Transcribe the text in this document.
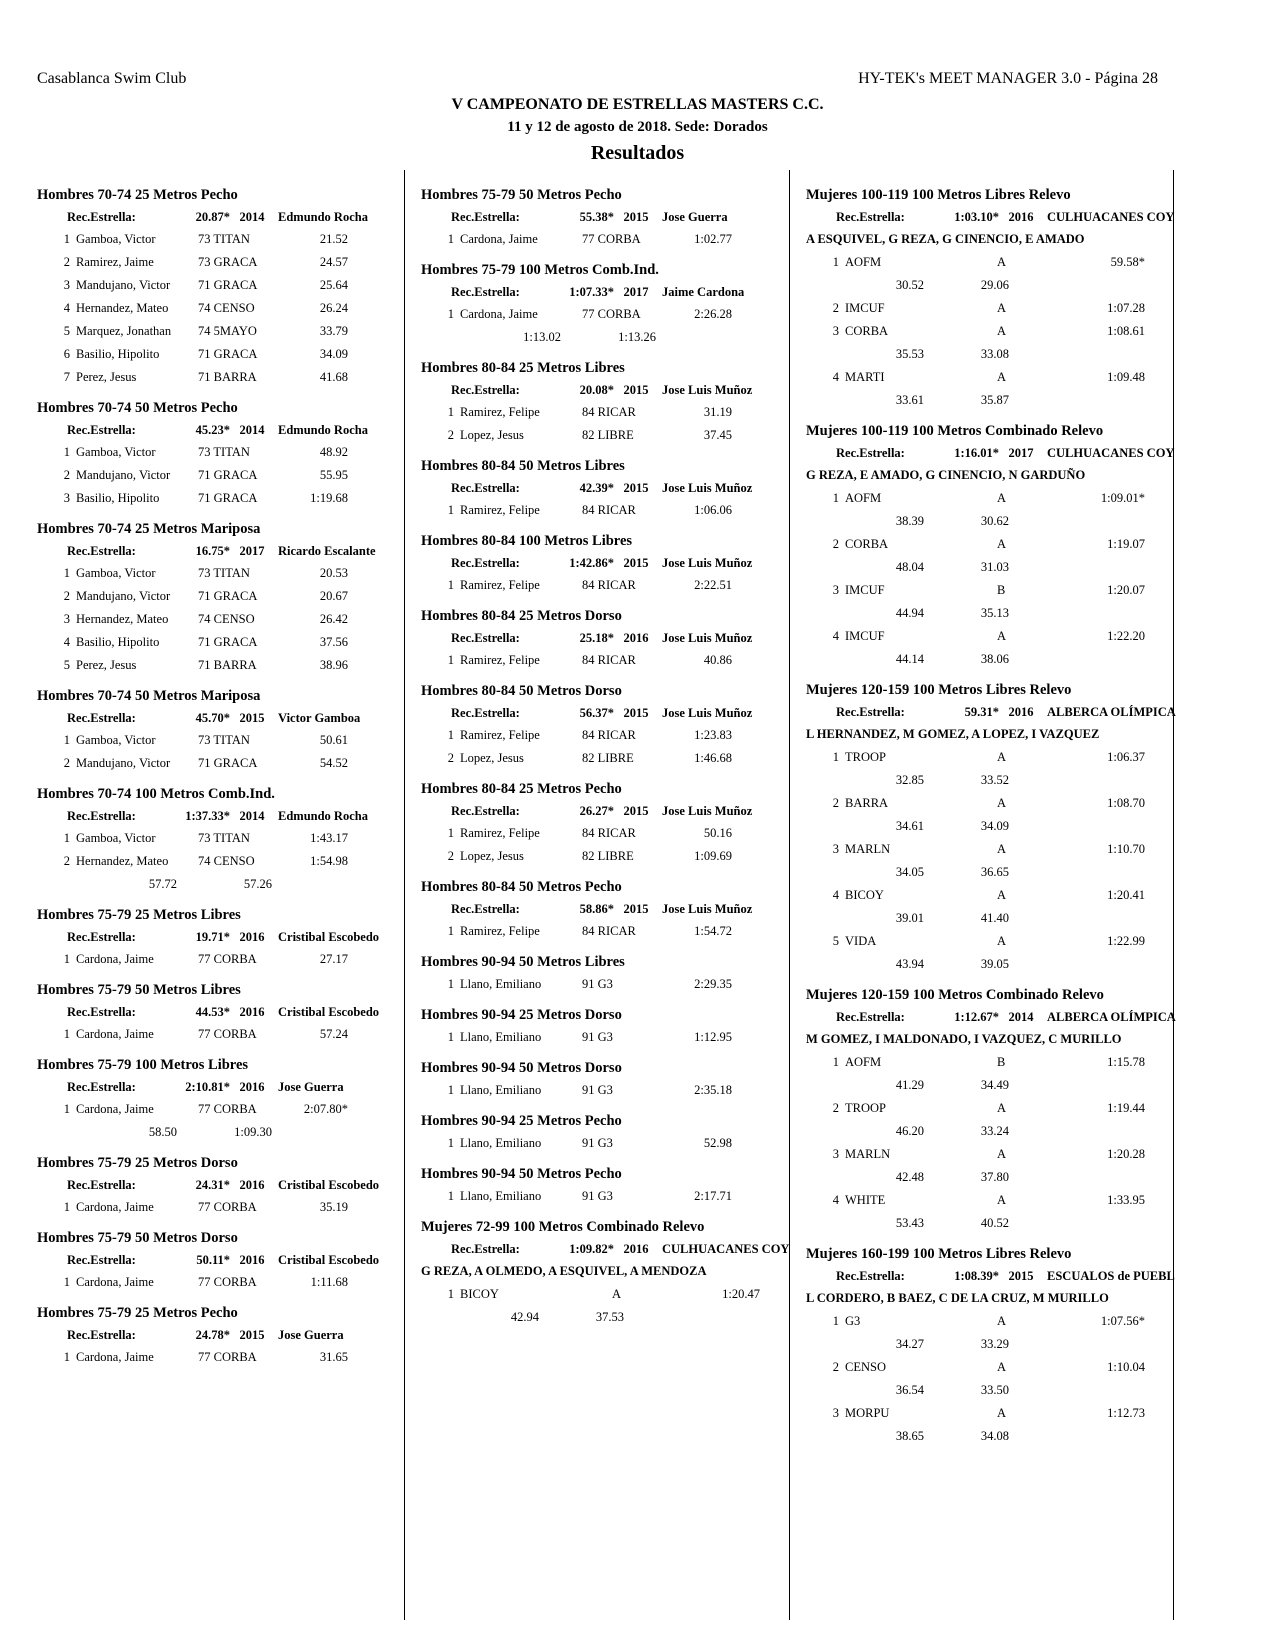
Casablanca Swim Club	HY-TEK's MEET MANAGER 3.0 - Página 28
V CAMPEONATO DE ESTRELLAS MASTERS C.C.
11 y 12 de agosto de 2018. Sede: Dorados
Resultados
Hombres 70-74 25 Metros Pecho
Rec.Estrella:	20.87* 2014 Edmundo Rocha
1 Gamboa, Victor	73 TITAN	21.52
2 Ramirez, Jaime	73 GRACA	24.57
3 Mandujano, Victor 71 GRACA	25.64
4 Hernandez, Mateo 74 CENSO	26.24
5 Marquez, Jonathan 74 5MAYO	33.79
6 Basilio, Hipolito	71 GRACA	34.09
7 Perez, Jesus	71 BARRA	41.68
Hombres 70-74 50 Metros Pecho
Rec.Estrella:	45.23* 2014 Edmundo Rocha
1 Gamboa, Victor	73 TITAN	48.92
2 Mandujano, Victor 71 GRACA	55.95
3 Basilio, Hipolito	71 GRACA	1:19.68
Hombres 70-74 25 Metros Mariposa
Rec.Estrella:	16.75* 2017 Ricardo Escalante
1 Gamboa, Victor	73 TITAN	20.53
2 Mandujano, Victor 71 GRACA	20.67
3 Hernandez, Mateo 74 CENSO	26.42
4 Basilio, Hipolito	71 GRACA	37.56
5 Perez, Jesus	71 BARRA	38.96
Hombres 70-74 50 Metros Mariposa
Rec.Estrella:	45.70* 2015 Victor Gamboa
1 Gamboa, Victor	73 TITAN	50.61
2 Mandujano, Victor 71 GRACA	54.52
Hombres 70-74 100 Metros Comb.Ind.
Rec.Estrella:	1:37.33* 2014 Edmundo Rocha
1 Gamboa, Victor	73 TITAN	1:43.17
2 Hernandez, Mateo 74 CENSO	1:54.98
57.72	57.26
Hombres 75-79 25 Metros Libres
Rec.Estrella:	19.71* 2016 Cristibal Escobedo
1 Cardona, Jaime	77 CORBA	27.17
Hombres 75-79 50 Metros Libres
Rec.Estrella:	44.53* 2016 Cristibal Escobedo
1 Cardona, Jaime	77 CORBA	57.24
Hombres 75-79 100 Metros Libres
Rec.Estrella:	2:10.81* 2016 Jose Guerra
1 Cardona, Jaime	77 CORBA	2:07.80*
58.50	1:09.30
Hombres 75-79 25 Metros Dorso
Rec.Estrella:	24.31* 2016 Cristibal Escobedo
1 Cardona, Jaime	77 CORBA	35.19
Hombres 75-79 50 Metros Dorso
Rec.Estrella:	50.11* 2016 Cristibal Escobedo
1 Cardona, Jaime	77 CORBA	1:11.68
Hombres 75-79 25 Metros Pecho
Rec.Estrella:	24.78* 2015 Jose Guerra
1 Cardona, Jaime	77 CORBA	31.65
Hombres 75-79 50 Metros Pecho
Rec.Estrella:	55.38* 2015 Jose Guerra
1 Cardona, Jaime	77 CORBA	1:02.77
Hombres 75-79 100 Metros Comb.Ind.
Rec.Estrella:	1:07.33* 2017 Jaime Cardona
1 Cardona, Jaime	77 CORBA	2:26.28
1:13.02	1:13.26
Hombres 80-84 25 Metros Libres
Rec.Estrella:	20.08* 2015 Jose Luis Muñoz
1 Ramirez, Felipe	84 RICAR	31.19
2 Lopez, Jesus	82 LIBRE	37.45
Hombres 80-84 50 Metros Libres
Rec.Estrella:	42.39* 2015 Jose Luis Muñoz
1 Ramirez, Felipe	84 RICAR	1:06.06
Hombres 80-84 100 Metros Libres
Rec.Estrella:	1:42.86* 2015 Jose Luis Muñoz
1 Ramirez, Felipe	84 RICAR	2:22.51
Hombres 80-84 25 Metros Dorso
Rec.Estrella:	25.18* 2016 Jose Luis Muñoz
1 Ramirez, Felipe	84 RICAR	40.86
Hombres 80-84 50 Metros Dorso
Rec.Estrella:	56.37* 2015 Jose Luis Muñoz
1 Ramirez, Felipe	84 RICAR	1:23.83
2 Lopez, Jesus	82 LIBRE	1:46.68
Hombres 80-84 25 Metros Pecho
Rec.Estrella:	26.27* 2015 Jose Luis Muñoz
1 Ramirez, Felipe	84 RICAR	50.16
2 Lopez, Jesus	82 LIBRE	1:09.69
Hombres 80-84 50 Metros Pecho
Rec.Estrella:	58.86* 2015 Jose Luis Muñoz
1 Ramirez, Felipe	84 RICAR	1:54.72
Hombres 90-94 50 Metros Libres
1 Llano, Emiliano	91 G3	2:29.35
Hombres 90-94 25 Metros Dorso
1 Llano, Emiliano	91 G3	1:12.95
Hombres 90-94 50 Metros Dorso
1 Llano, Emiliano	91 G3	2:35.18
Hombres 90-94 25 Metros Pecho
1 Llano, Emiliano	91 G3	52.98
Hombres 90-94 50 Metros Pecho
1 Llano, Emiliano	91 G3	2:17.71
Mujeres 72-99 100 Metros Combinado Relevo
Rec.Estrella:	1:09.82* 2016 CULHUACANES COY
G REZA, A OLMEDO, A ESQUIVEL, A MENDOZA
1 BICOY	A	1:20.47
42.94	37.53
Mujeres 100-119 100 Metros Libres Relevo
Rec.Estrella:	1:03.10* 2016 CULHUACANES COY
A ESQUIVEL, G REZA, G CINENCIO, E AMADO
1 AOFM	A	59.58*
30.52	29.06
2 IMCUF	A	1:07.28
3 CORBA	A	1:08.61
35.53	33.08
4 MARTI	A	1:09.48
33.61	35.87
Mujeres 100-119 100 Metros Combinado Relevo
Rec.Estrella:	1:16.01* 2017 CULHUACANES COY
G REZA, E AMADO, G CINENCIO, N GARDUÑO
1 AOFM	A	1:09.01*
38.39	30.62
2 CORBA	A	1:19.07
48.04	31.03
3 IMCUF	B	1:20.07
44.94	35.13
4 IMCUF	A	1:22.20
44.14	38.06
Mujeres 120-159 100 Metros Libres Relevo
Rec.Estrella:	59.31* 2016 ALBERCA OLÍMPICA
L HERNANDEZ, M GOMEZ, A LOPEZ, I VAZQUEZ
1 TROOP	A	1:06.37
32.85	33.52
2 BARRA	A	1:08.70
34.61	34.09
3 MARLN	A	1:10.70
34.05	36.65
4 BICOY	A	1:20.41
39.01	41.40
5 VIDA	A	1:22.99
43.94	39.05
Mujeres 120-159 100 Metros Combinado Relevo
Rec.Estrella:	1:12.67* 2014 ALBERCA OLÍMPICA
M GOMEZ, I MALDONADO, I VAZQUEZ, C MURILLO
1 AOFM	B	1:15.78
41.29	34.49
2 TROOP	A	1:19.44
46.20	33.24
3 MARLN	A	1:20.28
42.48	37.80
4 WHITE	A	1:33.95
53.43	40.52
Mujeres 160-199 100 Metros Libres Relevo
Rec.Estrella:	1:08.39* 2015 ESCUALOS de PUEBL
L CORDERO, B BAEZ, C DE LA CRUZ, M MURILLO
1 G3	A	1:07.56*
34.27	33.29
2 CENSO	A	1:10.04
36.54	33.50
3 MORPU	A	1:12.73
38.65	34.08
